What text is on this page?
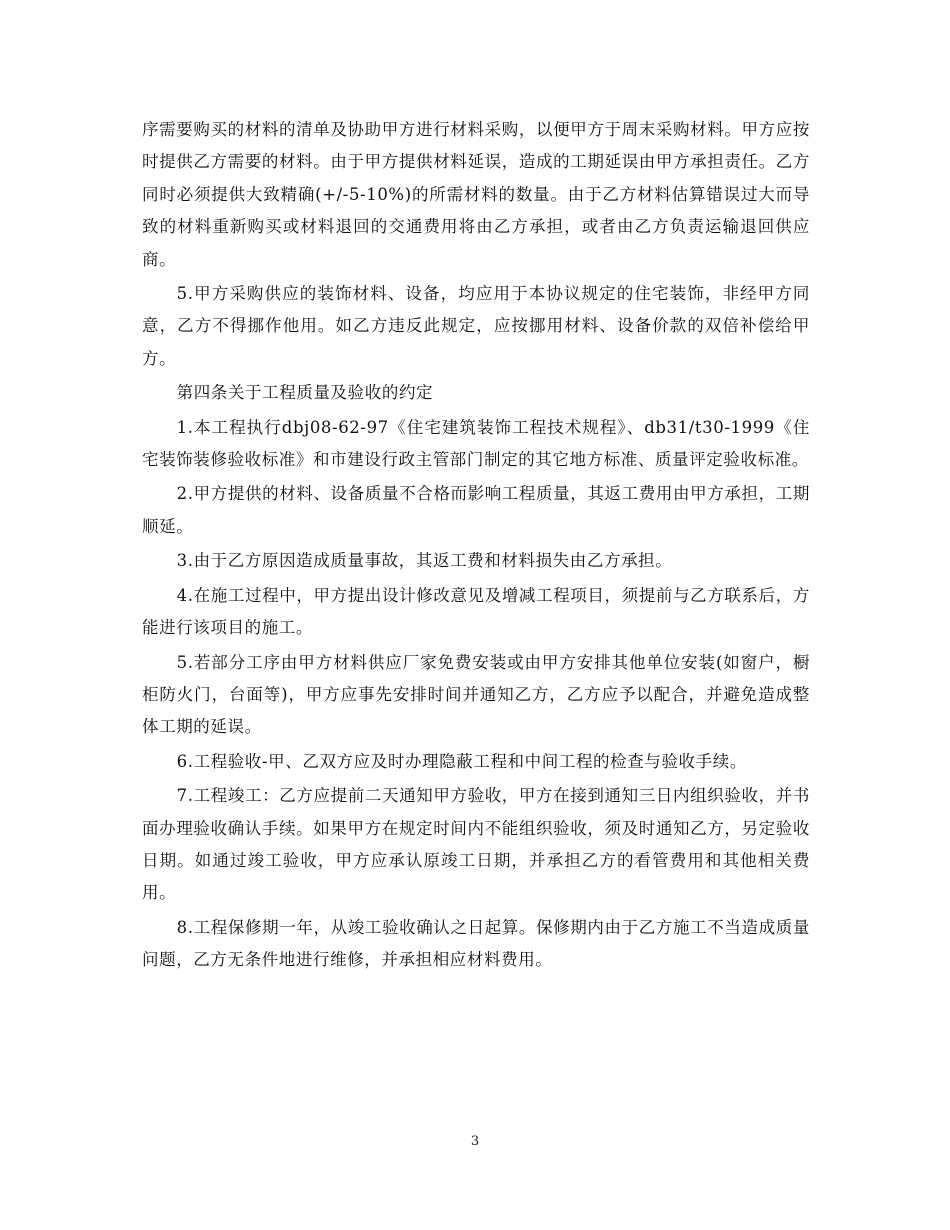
序需要购买的材料的清单及协助甲方进行材料采购，以便甲方于周末采购材料。甲方应按时提供乙方需要的材料。由于甲方提供材料延误，造成的工期延误由甲方承担责任。乙方同时必须提供大致精确(+/-5-10%)的所需材料的数量。由于乙方材料估算错误过大而导致的材料重新购买或材料退回的交通费用将由乙方承担，或者由乙方负责运输退回供应商。

5.甲方采购供应的装饰材料、设备，均应用于本协议规定的住宅装饰，非经甲方同意，乙方不得挪作他用。如乙方违反此规定，应按挪用材料、设备价款的双倍补偿给甲方。

第四条关于工程质量及验收的约定

1.本工程执行dbj08-62-97《住宅建筑装饰工程技术规程》、db31/t30-1999《住宅装饰装修验收标准》和市建设行政主管部门制定的其它地方标准、质量评定验收标准。

2.甲方提供的材料、设备质量不合格而影响工程质量，其返工费用由甲方承担，工期顺延。

3.由于乙方原因造成质量事故，其返工费和材料损失由乙方承担。

4.在施工过程中，甲方提出设计修改意见及增减工程项目，须提前与乙方联系后，方能进行该项目的施工。

5.若部分工序由甲方材料供应厂家免费安装或由甲方安排其他单位安装(如窗户，橱柜防火门，台面等)，甲方应事先安排时间并通知乙方，乙方应予以配合，并避免造成整体工期的延误。

6.工程验收-甲、乙双方应及时办理隐蔽工程和中间工程的检查与验收手续。

7.工程竣工：乙方应提前二天通知甲方验收，甲方在接到通知三日内组织验收，并书面办理验收确认手续。如果甲方在规定时间内不能组织验收，须及时通知乙方，另定验收日期。如通过竣工验收，甲方应承认原竣工日期，并承担乙方的看管费用和其他相关费用。

8.工程保修期一年，从竣工验收确认之日起算。保修期内由于乙方施工不当造成质量问题，乙方无条件地进行维修，并承担相应材料费用。

3
